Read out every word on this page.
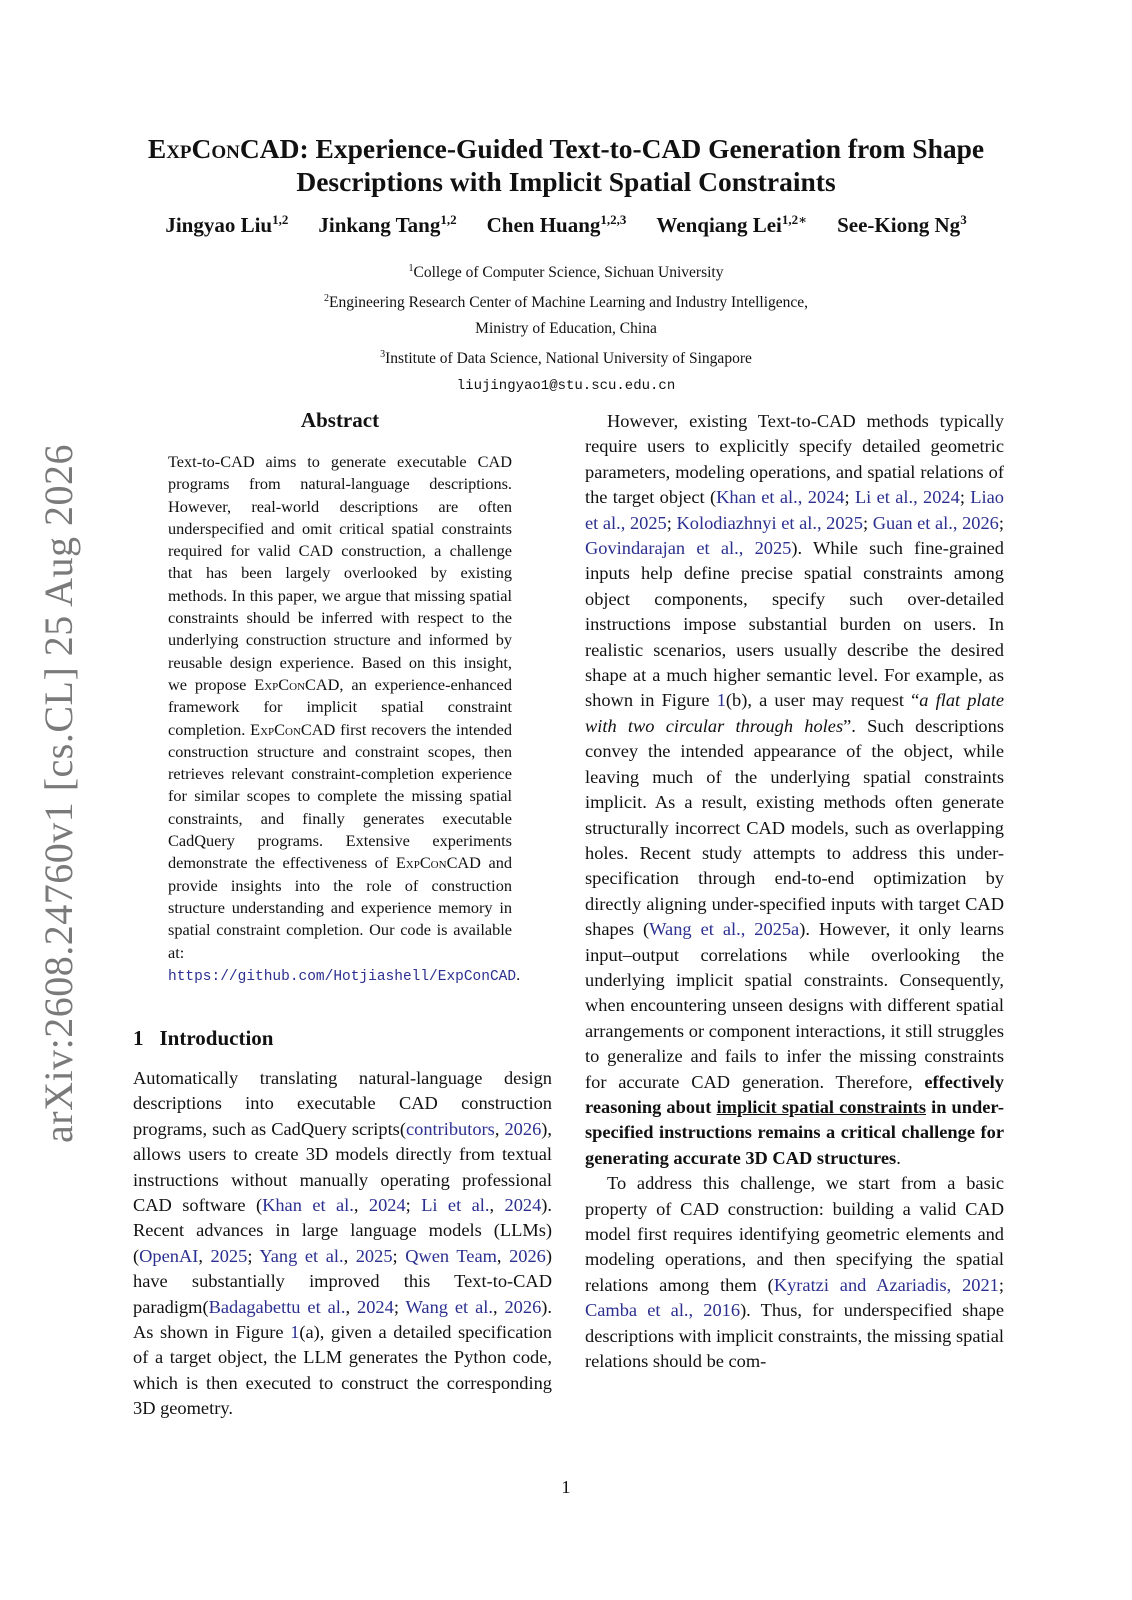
arXiv:2608.24760v1 [cs.CL] 25 Aug 2026
ExpConCAD: Experience-Guided Text-to-CAD Generation from Shape
Descriptions with Implicit Spatial Constraints
Jingyao Liu$^{1,2}$ Jinkang Tang$^{1,2}$ Chen Huang$^{1,2,3}$ Wenqiang Lei$^{1,2∗}$ See-Kiong Ng$^3$
$^1$College of Computer Science, Sichuan University
$^2$Engineering Research Center of Machine Learning and Industry Intelligence,
Ministry of Education, China
$^3$Institute of Data Science, National University of Singapore
liujingyao1@stu.scu.edu.cn
Abstract
Text-to-CAD aims to generate executable CAD programs from natural-language descriptions. However, real-world descriptions are often underspecified and omit critical spatial constraints required for valid CAD construction, a challenge that has been largely overlooked by existing methods. In this paper, we argue that missing spatial constraints should be inferred with respect to the underlying construction structure and informed by reusable design experience. Based on this insight, we propose ExpConCAD, an experience-enhanced framework for implicit spatial constraint completion. ExpConCAD first recovers the intended construction structure and constraint scopes, then retrieves relevant constraint-completion experience for similar scopes to complete the missing spatial constraints, and finally generates executable CadQuery programs. Extensive experiments demonstrate the effectiveness of ExpConCAD and provide insights into the role of construction structure understanding and experience memory in spatial constraint completion. Our code is available at: https://github.com/Hotjiashell/ExpConCAD.
1 Introduction
Automatically translating natural-language design descriptions into executable CAD construction programs, such as CadQuery scripts(contributors, 2026), allows users to create 3D models directly from textual instructions without manually operating professional CAD software (Khan et al., 2024; Li et al., 2024). Recent advances in large language models (LLMs) (OpenAI, 2025; Yang et al., 2025; Qwen Team, 2026) have substantially improved this Text-to-CAD paradigm(Badagabettu et al., 2024; Wang et al., 2026). As shown in Figure 1(a), given a detailed specification of a target object, the LLM generates the Python code, which is then executed to construct the corresponding 3D geometry.

However, existing Text-to-CAD methods typically require users to explicitly specify detailed geometric parameters, modeling operations, and spatial relations of the target object (Khan et al., 2024; Li et al., 2024; Liao et al., 2025; Kolodiazhnyi et al., 2025; Guan et al., 2026; Govindarajan et al., 2025). While such fine-grained inputs help define precise spatial constraints among object components, specify such over-detailed instructions impose substantial burden on users. In realistic scenarios, users usually describe the desired shape at a much higher semantic level. For example, as shown in Figure 1(b), a user may request “a flat plate with two circular through holes”. Such descriptions convey the intended appearance of the object, while leaving much of the underlying spatial constraints implicit. As a result, existing methods often generate structurally incorrect CAD models, such as overlapping holes. Recent study attempts to address this under-specification through end-to-end optimization by directly aligning under-specified inputs with target CAD shapes (Wang et al., 2025a). However, it only learns input–output correlations while overlooking the underlying implicit spatial constraints. Consequently, when encountering unseen designs with different spatial arrangements or component interactions, it still struggles to generalize and fails to infer the missing constraints for accurate CAD generation. Therefore, effectively reasoning about implicit spatial constraints in under-specified instructions remains a critical challenge for generating accurate 3D CAD structures.

To address this challenge, we start from a basic property of CAD construction: building a valid CAD model first requires identifying geometric elements and modeling operations, and then specifying the spatial relations among them (Kyratzi and Azariadis, 2021; Camba et al., 2016). Thus, for underspecified shape descriptions with implicit constraints, the missing spatial relations should be com-

1
